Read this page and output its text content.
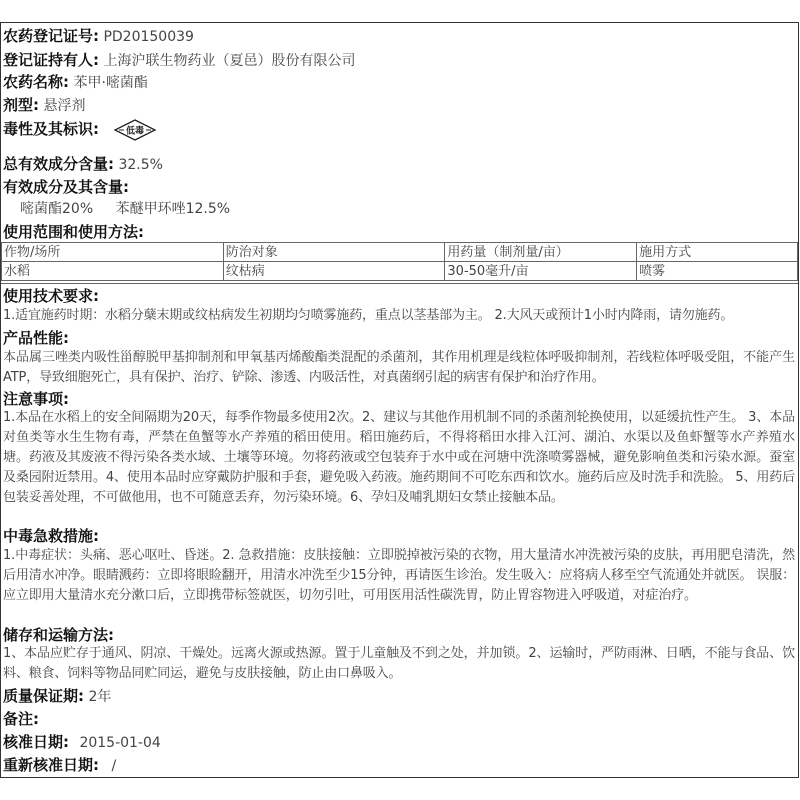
农药登记证号: PD20150039
登记证持有人: 上海沪联生物药业（夏邑）股份有限公司
农药名称: 苯甲·嘧菌酯
剂型: 悬浮剂
毒性及其标识:	低毒
总有效成分含量: 32.5%
有效成分及其含量:
嘧菌酯20% 苯醚甲环唑12.5%
使用范围和使用方法:
作物/场所	防治对象	用药量（制剂量/亩）	施用方式
水稻	纹枯病	30-50毫升/亩	喷雾
使用技术要求:

1.适宜施药时期：水稻分蘖末期或纹枯病发生初期均匀喷雾施药，重点以茎基部为主。 2.大风天或预计1小时内降雨，请勿施药。

产品性能:

本品属三唑类内吸性甾醇脱甲基抑制剂和甲氧基丙烯酸酯类混配的杀菌剂，其作用机理是线粒体呼吸抑制剂，若线粒体呼吸受阻，不能产生ATP，导致细胞死亡，具有保护、治疗、铲除、渗透、内吸活性，对真菌纲引起的病害有保护和治疗作用。

注意事项:

1.本品在水稻上的安全间隔期为20天，每季作物最多使用2次。2、建议与其他作用机制不同的杀菌剂轮换使用，以延缓抗性产生。 3、本品对鱼类等水生生物有毒，严禁在鱼蟹等水产养殖的稻田使用。稻田施药后，不得将稻田水排入江河、湖泊、水渠以及鱼虾蟹等水产养殖水塘。药液及其废液不得污染各类水域、土壤等环境。勿将药液或空包装弃于水中或在河塘中洗涤喷雾器械，避免影响鱼类和污染水源。蚕室及桑园附近禁用。4、使用本品时应穿戴防护服和手套，避免吸入药液。施药期间不可吃东西和饮水。施药后应及时洗手和洗脸。 5、用药后包装妥善处理，不可做他用，也不可随意丢弃，勿污染环境。6、孕妇及哺乳期妇女禁止接触本品。

中毒急救措施:

1.中毒症状：头痛、恶心呕吐、昏迷。2. 急救措施：皮肤接触：立即脱掉被污染的衣物，用大量清水冲洗被污染的皮肤，再用肥皂清洗，然后用清水冲净。眼睛溅药：立即将眼睑翻开，用清水冲洗至少15分钟，再请医生诊治。发生吸入：应将病人移至空气流通处并就医。 误服：应立即用大量清水充分漱口后，立即携带标签就医，切勿引吐，可用医用活性碳洗胃，防止胃容物进入呼吸道，对症治疗。

储存和运输方法:

1、本品应贮存于通风、阴凉、干燥处。远离火源或热源。置于儿童触及不到之处，并加锁。2、运输时，严防雨淋、日晒，不能与食品、饮料、粮食、饲料等物品同贮同运，避免与皮肤接触，防止由口鼻吸入。

质量保证期: 2年
备注:
核准日期: 2015-01-04
重新核准日期: /
